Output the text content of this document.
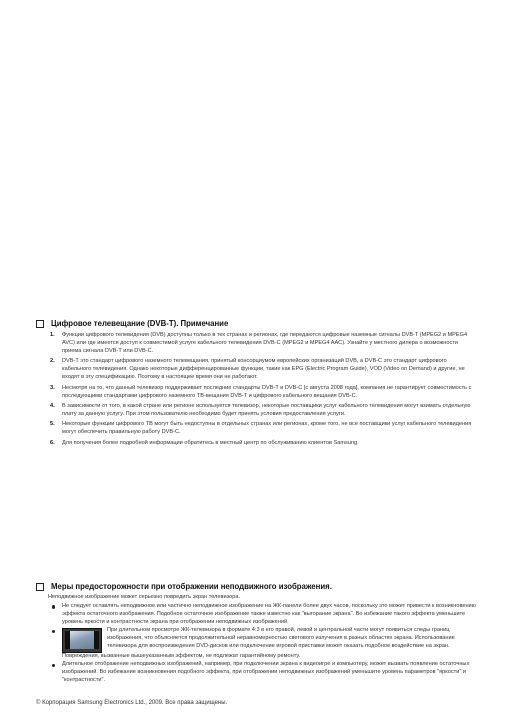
Цифровое телевещание (DVB-T). Примечание
1. Функции цифрового телевидения (DVB) доступны только в тех странах и регионах, где передаются цифровые наземные сигналы DVB-T (MPEG2 и MPEG4 AVC) или где имеется доступ к совместимой услуге кабельного телевидения DVB-C (MPEG2 и MPEG4 AAC). Узнайте у местного дилера о возможности приема сигнала DVB-T или DVB-C.
2. DVB-T это стандарт цифрового наземного телевещания, принятый консорциумом европейских организаций DVB, а DVB-C это стандарт цифрового кабельного телевидения. Однако некоторые дифференцированные функции, такие как EPG (Electric Program Guide), VOD (Video on Demand) и другие, не входят в эту спецификацию. Поэтому в настоящее время они не работают.
3. Несмотря на то, что данный телевизор поддерживает последние стандарты DVB-T и DVB-C [с августа 2008 года], компания не гарантирует совместимость с последующими стандартами цифрового наземного ТВ-вещания DVB-T и цифрового кабельного вещания DVB-C.
4. В зависимости от того, в какой стране или регионе используется телевизор, некоторые поставщики услуг кабельного телевидения могут взимать отдельную плату за данную услугу. При этом пользователю необходимо будет принять условия предоставления услуги.
5. Некоторые функции цифрового ТВ могут быть недоступны в отдельных странах или регионах, кроме того, не все поставщики услуг кабельного телевидения могут обеспечить правильную работу DVB-C.
6. Для получения более подробной информации обратитесь в местный центр по обслуживанию клиентов Samsung.
Меры предосторожности при отображении неподвижного изображения.
Неподвижное изображение может серьезно повредить экран телевизора.
Не следует оставлять неподвижное или частично неподвижное изображение на ЖК-панели более двух часов, поскольку это может привести к возникновению эффекта остаточного изображения. Подобное остаточное изображение также известно как "выгорание экрана". Во избежание такого эффекта уменьшите уровень яркости и контрастности экрана при отображении неподвижных изображений.
При длительном просмотре ЖК-телевизора в формате 4:3 в его правой, левой и центральной части могут появиться следы границ изображения, что объясняется продолжительной неравномерностью светового излучения в разных областях экрана. Использование телевизора для воспроизведения DVD-дисков или подключение игровой приставки может оказать подобное воздействие на экран.
Повреждения, вызванные вышеуказанным эффектом, не подлежат гарантийному ремонту.
Длительное отображение неподвижных изображений, например, при подключении экрана к видеоигре и компьютеру, может вызвать появление остаточных изображений. Во избежание возникновения подобного эффекта, при отображении неподвижных изображений уменьшите уровень параметров "яркости" и "контрастности".
© Корпорация Samsung Electronics Ltd., 2009. Все права защищены.
